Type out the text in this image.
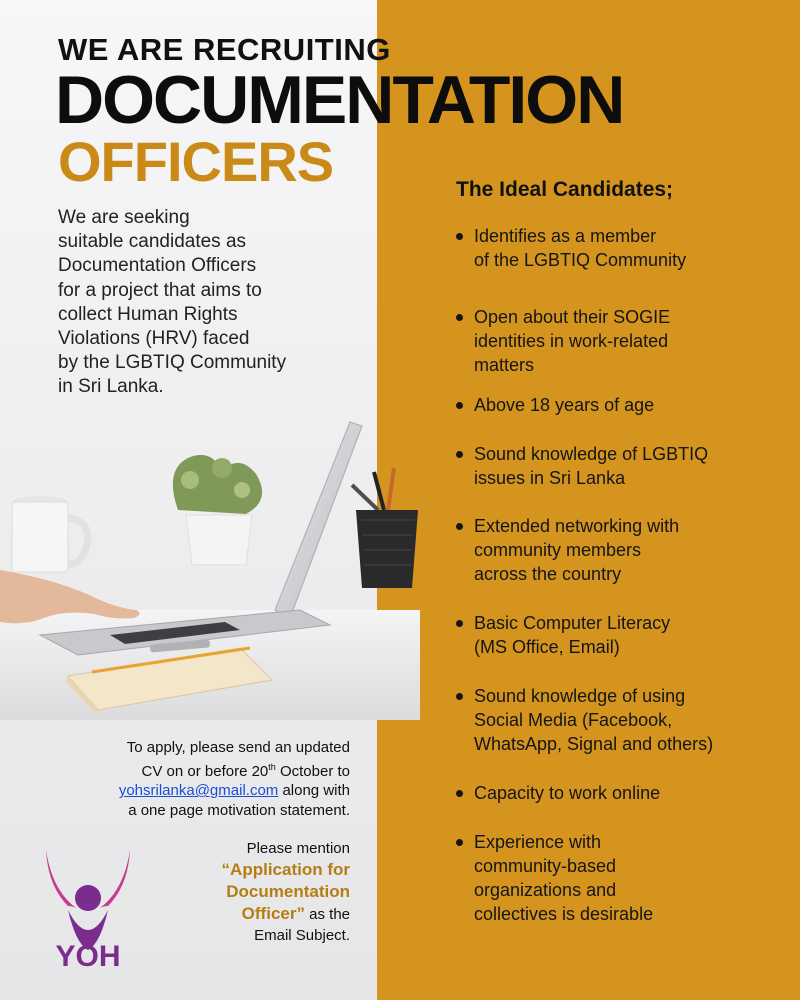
WE ARE RECRUITING
DOCUMENTATION
OFFICERS

We are seeking
suitable candidates as
Documentation Officers
for a project that aims to
collect Human Rights
Violations (HRV) faced
by the LGBTIQ Community
in Sri Lanka.

The Ideal Candidates;
Identifies as a member
of the LGBTIQ Community
Open about their SOGIE
identities in work-related
matters
Above 18 years of age
Sound knowledge of LGBTIQ
issues in Sri Lanka
Extended networking with
community members
across the country
Basic Computer Literacy
(MS Office, Email)
Sound knowledge of using
Social Media (Facebook,
WhatsApp, Signal and others)
Capacity to work online
Experience with
community-based
organizations and
collectives is desirable

To apply, please send an updated
CV on or before 20th October to
yohsrilanka@gmail.com along with
a one page motivation statement.

Please mention
“Application for
Documentation
Officer” as the
Email Subject.

YOH
